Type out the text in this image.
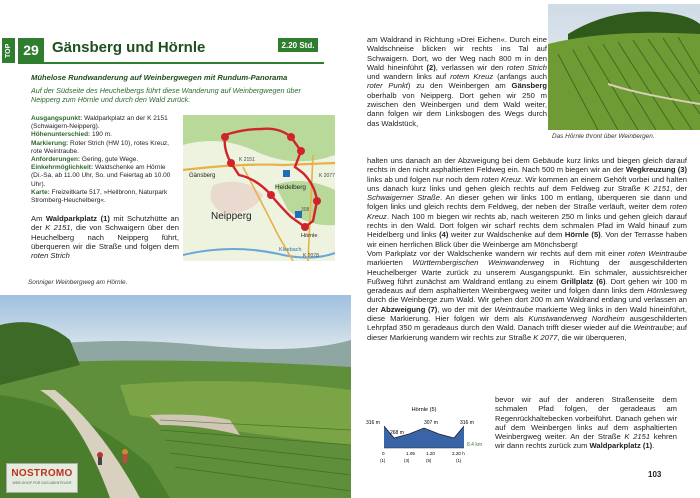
TOP 29 Gänsberg und Hörnle	2.20 Std.
Mühelose Rundwanderung auf Weinbergwegen mit Rundum-Panorama
Auf der Südseite des Heuchelbergs führt diese Wanderung auf Weinbergwegen über Neipperg zum Hörnle und durch den Wald zurück.
Ausgangspunkt: Waldparkplatz an der K 2151 (Schwaigern-Neipperg).
Höhenunterschied: 190 m.
Markierung: Roter Strich (HW 10), rotes Kreuz, rote Weintraube.
Anforderungen: Gering, gute Wege.
Einkehrmöglichkeit: Waldschenke am Hörnle (Di.-Sa. ab 11.00 Uhr, So. und Feiertag ab 10.00 Uhr).
Karte: Freizeitkarte 517, »Heilbronn, Naturpark Stromberg-Heuchelberg«.
Am Waldparkplatz (1) mit Schutzhütte an der K 2151, die von Schwaigern über den Heuchelberg nach Neipperg führt, überqueren wir die Straße und folgen dem roten Strich
Gänsberg
Neipperg
Heidelberg
Hörnle
Kleebach
K 2151
K 2077
K 2078
308
Sonniger Weinbergweg am Hörnle.
NOSTROMO
WEB-SHOP FÜR DAS ABENTEUER
am Waldrand in Richtung »Drei Eichen«. Durch eine Waldschneise blicken wir rechts ins Tal auf Schwaigern. Dort, wo der Weg nach 800 m in den Wald hineinführt (2), verlassen wir den roten Strich und wandern links auf rotem Kreuz (anfangs auch roter Punkt) zu den Weinbergen am Gänsberg oberhalb von Neipperg. Dort gehen wir 250 m zwischen den Weinbergen und dem Wald weiter, dann folgen wir dem Linksbogen des Wegs durch das Waldstück,
Das Hörnle thront über Weinbergen.
halten uns danach an der Abzweigung bei dem Gebäude kurz links und biegen gleich darauf rechts in den nicht asphaltierten Feldweg ein. Nach 500 m biegen wir an der Wegkreuzung (3) links ab und folgen nur noch dem roten Kreuz. Wir kommen an einem Gehöft vorbei und halten uns danach kurz links und gehen gleich rechts auf dem Feldweg zur Straße K 2151, der Schwaigerner Straße. An dieser gehen wir links 100 m entlang, überqueren sie dann und folgen links und gleich rechts dem Feldweg, der neben der Straße verläuft, weiter dem roten Kreuz. Nach 100 m biegen wir rechts ab, nach weiteren 250 m links und gehen gleich darauf rechts in den Wald. Dort folgen wir scharf rechts dem schmalen Pfad im Wald hinauf zum Heidelberg und links (4) weiter zur Waldschenke auf dem Hörnle (5). Von der Terrasse haben wir einen herrlichen Blick über die Weinberge am Mönchsberg!
Vom Parkplatz vor der Waldschenke wandern wir rechts auf dem mit einer roten Weintraube markierten Württembergischen Weinwanderweg in Richtung der ausgeschilderten Heuchelberger Warte zurück zu unserem Ausgangspunkt. Ein schmaler, aussichtsreicher Fußweg führt zunächst am Waldrand entlang zu einem Grillplatz (6). Dort gehen wir 100 m geradeaus auf dem asphaltierten Weinbergweg weiter und folgen dann links dem Hörnlesweg durch die Weinberge zum Wald. Wir gehen dort 200 m am Waldrand entlang und verlassen an der Abzweigung (7), wo der mit der Weintraube markierte Weg links in den Wald hineinführt, diese Markierung. Hier folgen wir dem als Kunstwanderweg Nordheim ausgeschilderten Lehrpfad 350 m geradeaus durch den Wald. Danach trifft dieser wieder auf die Weintraube; auf dieser Markierung wandern wir rechts zur Straße K 2077, die wir überqueren,
Hörnle (5)
316 m	316 m
307 m
268 m
8.4 km
0	1.05 1.20	2.20 h
(1)	(3)	(5)	(1)
bevor wir auf der anderen Straßenseite dem schmalen Pfad folgen, der geradeaus am Regenrückhaltebecken vorbeiführt. Danach gehen wir auf dem Weinbergen links auf dem asphaltierten Weinbergweg weiter. An der Straße K 2151 kehren wir dann rechts zurück zum Waldparkplatz (1).
103
